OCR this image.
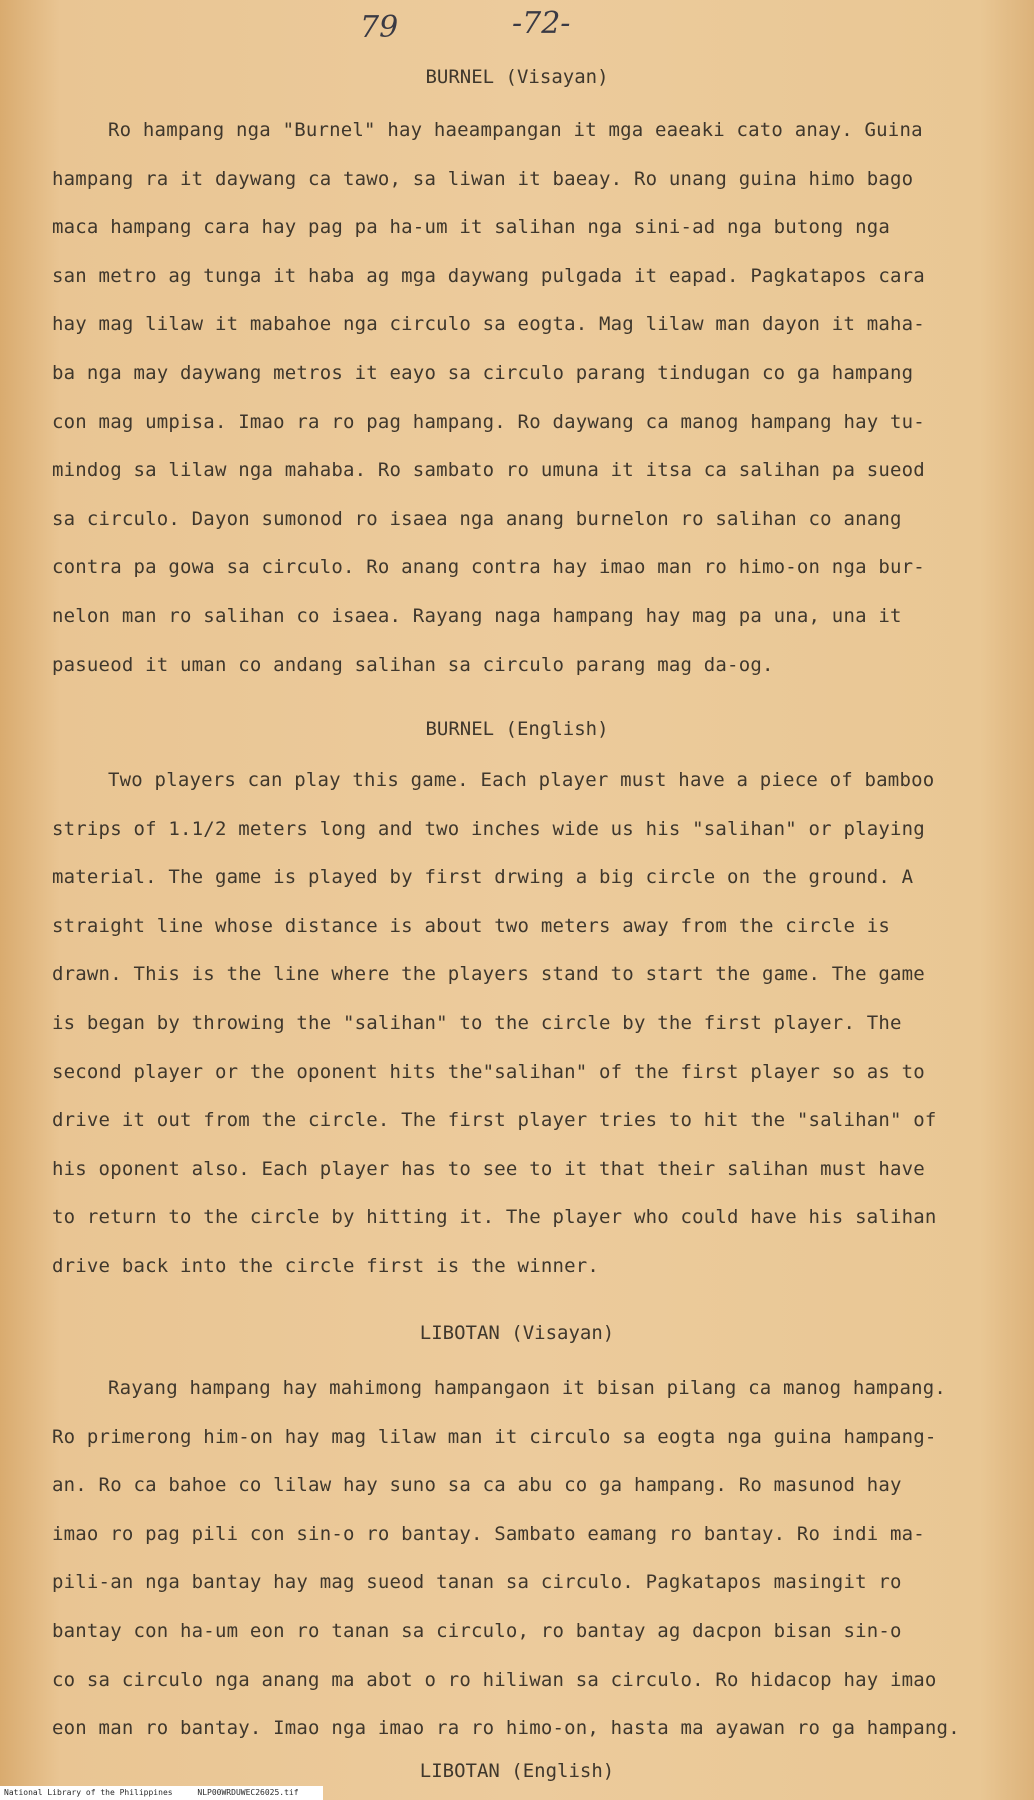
79	-72-
BURNEL (Visayan)
Ro hampang nga "Burnel" hay haeampangan it mga eaeaki cato anay. Guina
hampang ra it daywang ca tawo, sa liwan it baeay. Ro unang guina himo bago
maca hampang cara hay pag pa ha-um it salihan nga sini-ad nga butong nga
san metro ag tunga it haba ag mga daywang pulgada it eapad. Pagkatapos cara
hay mag lilaw it mabahoe nga circulo sa eogta. Mag lilaw man dayon it maha-
ba nga may daywang metros it eayo sa circulo parang tindugan co ga hampang
con mag umpisa. Imao ra ro pag hampang. Ro daywang ca manog hampang hay tu-
mindog sa lilaw nga mahaba. Ro sambato ro umuna it itsa ca salihan pa sueod
sa circulo. Dayon sumonod ro isaea nga anang burnelon ro salihan co anang
contra pa gowa sa circulo. Ro anang contra hay imao man ro himo-on nga bur-
nelon man ro salihan co isaea. Rayang naga hampang hay mag pa una, una it
pasueod it uman co andang salihan sa circulo parang mag da-og.
BURNEL (English)
Two players can play this game. Each player must have a piece of bamboo
strips of 1.1/2 meters long and two inches wide us his "salihan" or playing
material. The game is played by first drwing a big circle on the ground. A
straight line whose distance is about two meters away from the circle is
drawn. This is the line where the players stand to start the game. The game
is began by throwing the "salihan" to the circle by the first player. The
second player or the oponent hits the"salihan" of the first player so as to
drive it out from the circle. The first player tries to hit the "salihan" of
his oponent also. Each player has to see to it that their salihan must have
to return to the circle by hitting it. The player who could have his salihan
drive back into the circle first is the winner.
LIBOTAN (Visayan)
Rayang hampang hay mahimong hampangaon it bisan pilang ca manog hampang.
Ro primerong him-on hay mag lilaw man it circulo sa eogta nga guina hampang-
an. Ro ca bahoe co lilaw hay suno sa ca abu co ga hampang. Ro masunod hay
imao ro pag pili con sin-o ro bantay. Sambato eamang ro bantay. Ro indi ma-
pili-an nga bantay hay mag sueod tanan sa circulo. Pagkatapos masingit ro
bantay con ha-um eon ro tanan sa circulo, ro bantay ag dacpon bisan sin-o
co sa circulo nga anang ma abot o ro hiliwan sa circulo. Ro hidacop hay imao
eon man ro bantay. Imao nga imao ra ro himo-on, hasta ma ayawan ro ga hampang.
LIBOTAN (English)
National Library of the Philippines	NLP00WRDUWEC26025.tif
